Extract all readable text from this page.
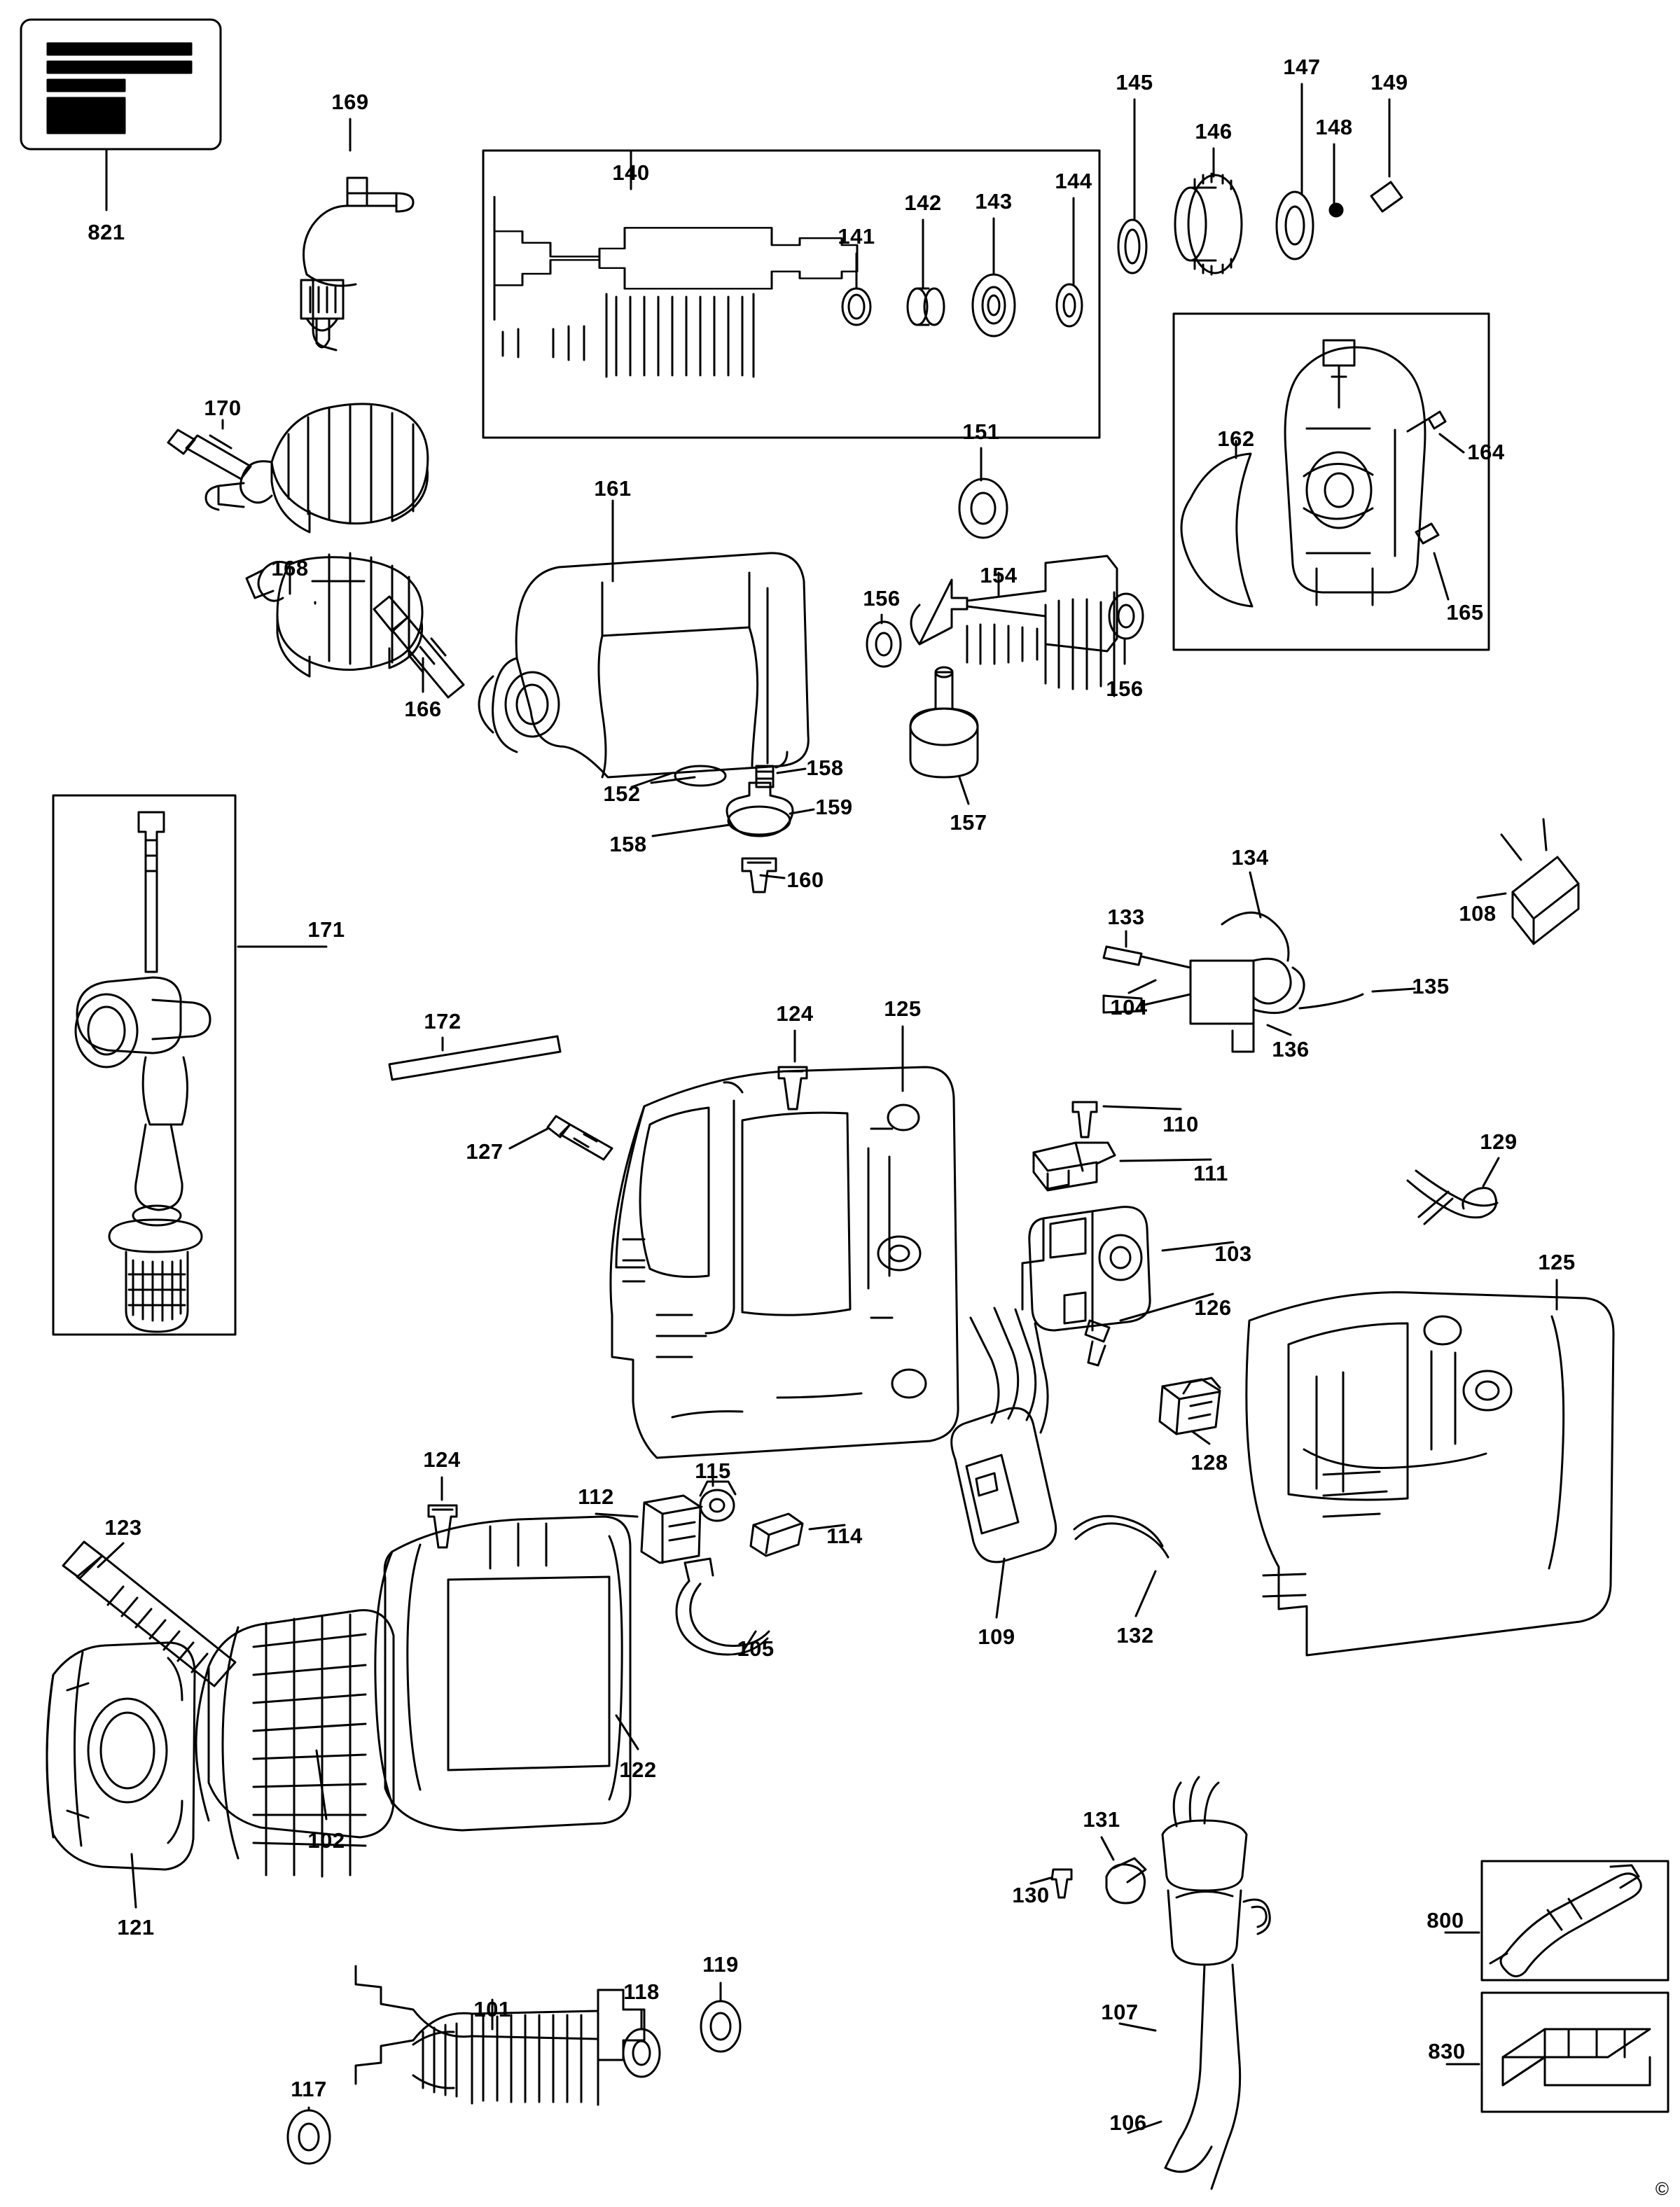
821
169
140
141
142 143
144
145
146
147
148
149
170
168
166
161
151
156
154
156
162
164
165
152
158
159
158
157
160
171
172
127
124	125
133
134
104
135
136
108
110
111
103
126
129
125
128
124
112
115
114
105
123
109	132
122
102
121
131
130
107
106
800
830
118
119
101
117
©
